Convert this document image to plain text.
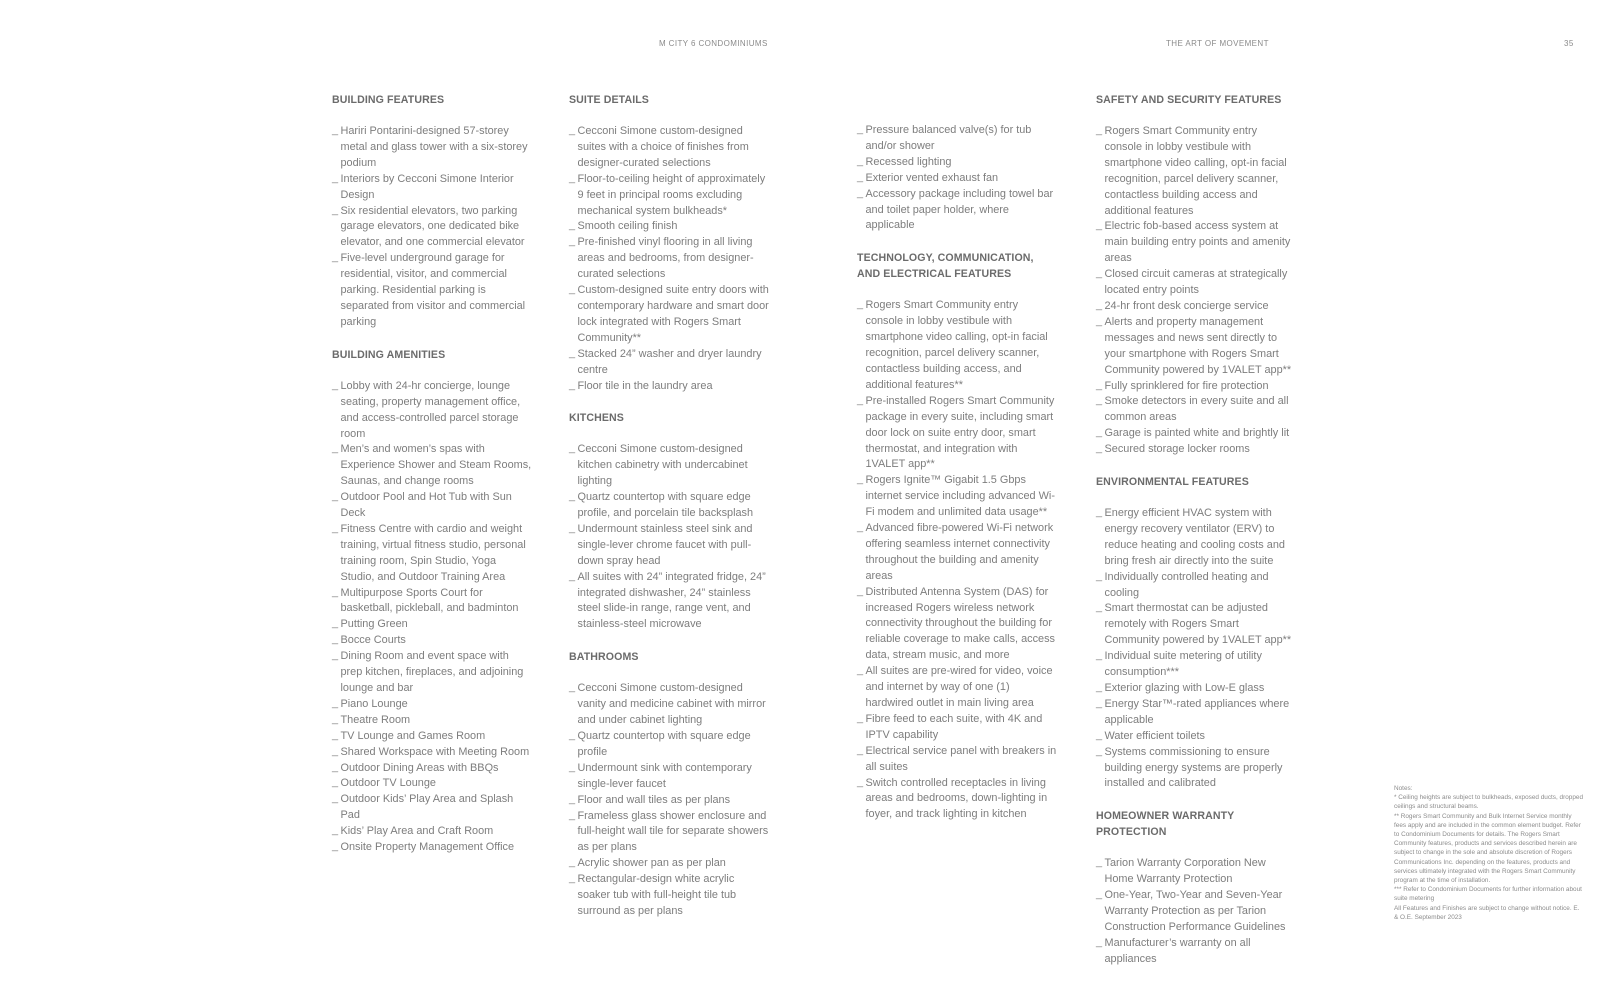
M CITY 6 CONDOMINIUMS	THE ART OF MOVEMENT	35
BUILDING FEATURES
_ Hariri Pontarini-designed 57-storey metal and glass tower with a six-storey podium
_ Interiors by Cecconi Simone Interior Design
_ Six residential elevators, two parking garage elevators, one dedicated bike elevator, and one commercial elevator
_ Five-level underground garage for residential, visitor, and commercial parking. Residential parking is separated from visitor and commercial parking
BUILDING AMENITIES
_ Lobby with 24-hr concierge, lounge seating, property management office, and access-controlled parcel storage room
_ Men’s and women’s spas with Experience Shower and Steam Rooms, Saunas, and change rooms
_ Outdoor Pool and Hot Tub with Sun Deck
_ Fitness Centre with cardio and weight training, virtual fitness studio, personal training room, Spin Studio, Yoga Studio, and Outdoor Training Area
_ Multipurpose Sports Court for basketball, pickleball, and badminton
_ Putting Green
_ Bocce Courts
_ Dining Room and event space with prep kitchen, fireplaces, and adjoining lounge and bar
_ Piano Lounge
_ Theatre Room
_ TV Lounge and Games Room
_ Shared Workspace with Meeting Room
_ Outdoor Dining Areas with BBQs
_ Outdoor TV Lounge
_ Outdoor Kids’ Play Area and Splash Pad
_ Kids’ Play Area and Craft Room
_ Onsite Property Management Office
SUITE DETAILS
_ Cecconi Simone custom-designed suites with a choice of finishes from designer-curated selections
_ Floor-to-ceiling height of approximately 9 feet in principal rooms excluding mechanical system bulkheads*
_ Smooth ceiling finish
_ Pre-finished vinyl flooring in all living areas and bedrooms, from designer-curated selections
_ Custom-designed suite entry doors with contemporary hardware and smart door lock integrated with Rogers Smart Community**
_ Stacked 24” washer and dryer laundry centre
_ Floor tile in the laundry area
KITCHENS
_ Cecconi Simone custom-designed kitchen cabinetry with undercabinet lighting
_ Quartz countertop with square edge profile, and porcelain tile backsplash
_ Undermount stainless steel sink and single-lever chrome faucet with pull-down spray head
_ All suites with 24” integrated fridge, 24” integrated dishwasher, 24” stainless steel slide-in range, range vent, and stainless-steel microwave
BATHROOMS
_ Cecconi Simone custom-designed vanity and medicine cabinet with mirror and under cabinet lighting
_ Quartz countertop with square edge profile
_ Undermount sink with contemporary single-lever faucet
_ Floor and wall tiles as per plans
_ Frameless glass shower enclosure and full-height wall tile for separate showers as per plans
_ Acrylic shower pan as per plan
_ Rectangular-design white acrylic soaker tub with full-height tile tub surround as per plans
_ Pressure balanced valve(s) for tub and/or shower
_ Recessed lighting
_ Exterior vented exhaust fan
_ Accessory package including towel bar and toilet paper holder, where applicable
TECHNOLOGY, COMMUNICATION, AND ELECTRICAL FEATURES
_ Rogers Smart Community entry console in lobby vestibule with smartphone video calling, opt-in facial recognition, parcel delivery scanner, contactless building access, and additional features**
_ Pre-installed Rogers Smart Community package in every suite, including smart door lock on suite entry door, smart thermostat, and integration with 1VALET app**
_ Rogers Ignite™ Gigabit 1.5 Gbps internet service including advanced Wi-Fi modem and unlimited data usage**
_ Advanced fibre-powered Wi-Fi network offering seamless internet connectivity throughout the building and amenity areas
_ Distributed Antenna System (DAS) for increased Rogers wireless network connectivity throughout the building for reliable coverage to make calls, access data, stream music, and more
_ All suites are pre-wired for video, voice and internet by way of one (1) hardwired outlet in main living area
_ Fibre feed to each suite, with 4K and IPTV capability
_ Electrical service panel with breakers in all suites
_ Switch controlled receptacles in living areas and bedrooms, down-lighting in foyer, and track lighting in kitchen
SAFETY AND SECURITY FEATURES
_ Rogers Smart Community entry console in lobby vestibule with smartphone video calling, opt-in facial recognition, parcel delivery scanner, contactless building access and additional features
_ Electric fob-based access system at main building entry points and amenity areas
_ Closed circuit cameras at strategically located entry points
_ 24-hr front desk concierge service
_ Alerts and property management messages and news sent directly to your smartphone with Rogers Smart Community powered by 1VALET app**
_ Fully sprinklered for fire protection
_ Smoke detectors in every suite and all common areas
_ Garage is painted white and brightly lit
_ Secured storage locker rooms
ENVIRONMENTAL FEATURES
_ Energy efficient HVAC system with energy recovery ventilator (ERV) to reduce heating and cooling costs and bring fresh air directly into the suite
_ Individually controlled heating and cooling
_ Smart thermostat can be adjusted remotely with Rogers Smart Community powered by 1VALET app**
_ Individual suite metering of utility consumption***
_ Exterior glazing with Low-E glass
_ Energy Star™-rated appliances where applicable
_ Water efficient toilets
_ Systems commissioning to ensure building energy systems are properly installed and calibrated
HOMEOWNER WARRANTY PROTECTION
_ Tarion Warranty Corporation New Home Warranty Protection
_ One-Year, Two-Year and Seven-Year Warranty Protection as per Tarion Construction Performance Guidelines
_ Manufacturer’s warranty on all appliances

Notes:

* Ceiling heights are subject to bulkheads, exposed ducts, dropped ceilings and structural beams.

** Rogers Smart Community and Bulk Internet Service monthly fees apply and are included in the common element budget. Refer to Condominium Documents for details. The Rogers Smart Community features, products and services described herein are subject to change in the sole and absolute discretion of Rogers Communications Inc. depending on the features, products and services ultimately integrated with the Rogers Smart Community program at the time of installation.

*** Refer to Condominium Documents for further information about suite metering

All Features and Finishes are subject to change without notice. E. & O.E. September 2023
